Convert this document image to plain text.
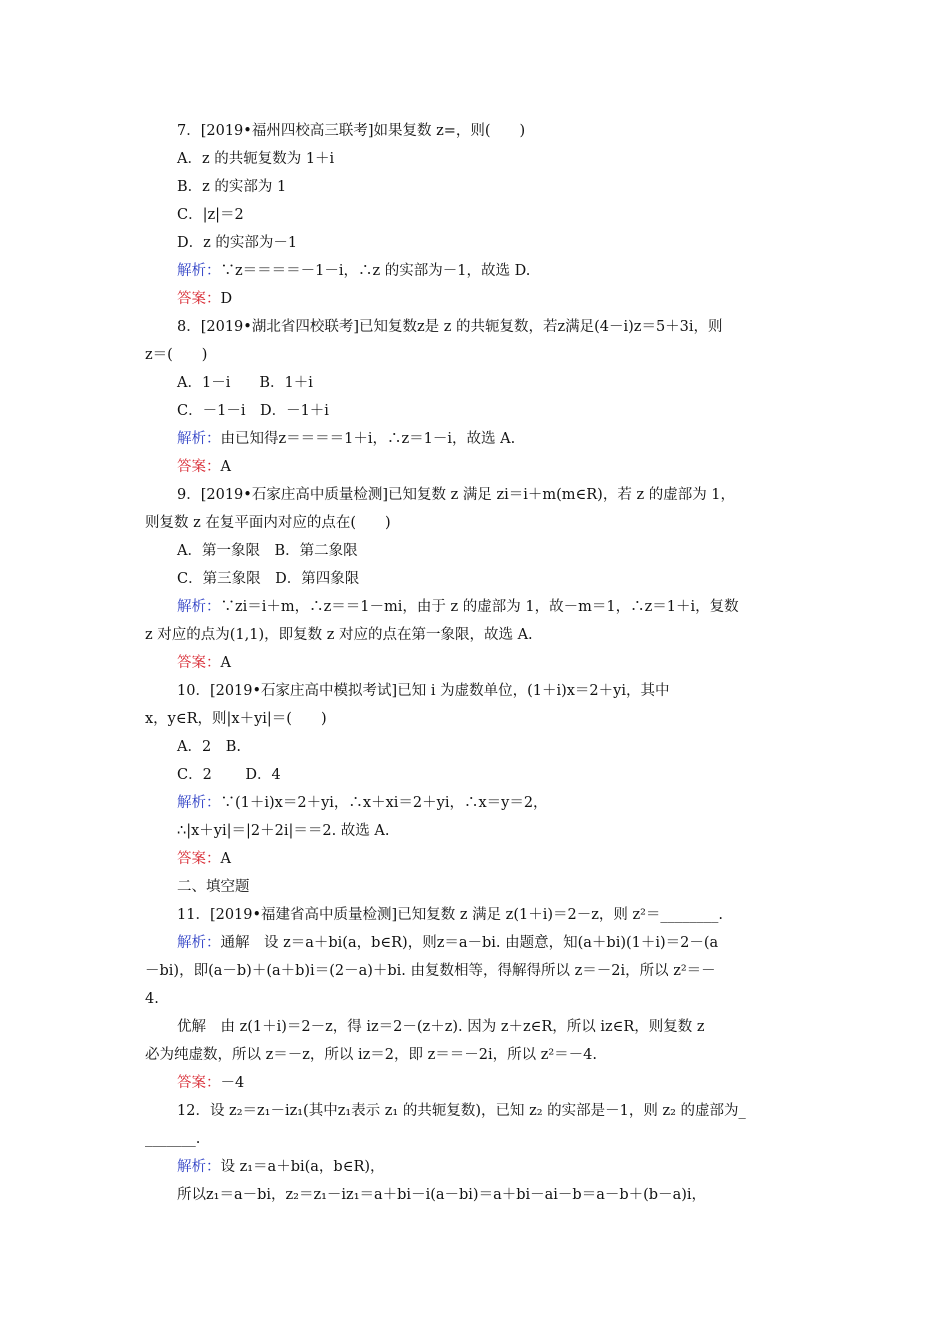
7．[2019•福州四校高三联考]如果复数 z=，则(　　)
A．z 的共轭复数为 1＋i
B．z 的实部为 1
C．|z|＝2
D．z 的实部为－1
解析：∵z＝＝＝＝－1－i，∴z 的实部为－1，故选 D.
答案：D
8．[2019•湖北省四校联考]已知复数z是 z 的共轭复数，若z满足(4－i)z＝5＋3i，则
z＝(　　)
A．1－i　　B．1＋i
C．－1－i　D．－1＋i
解析：由已知得z＝＝＝＝1＋i，∴z＝1－i，故选 A.
答案：A
9．[2019•石家庄高中质量检测]已知复数 z 满足 zi＝i＋m(m∈R)，若 z 的虚部为 1，
则复数 z 在复平面内对应的点在(　　)
A．第一象限　B．第二象限
C．第三象限　D．第四象限
解析：∵zi＝i＋m，∴z＝＝1－mi，由于 z 的虚部为 1，故－m＝1，∴z＝1＋i，复数
z 对应的点为(1,1)，即复数 z 对应的点在第一象限，故选 A.
答案：A
10．[2019•石家庄高中模拟考试]已知 i 为虚数单位，(1＋i)x＝2＋yi，其中
x，y∈R，则|x＋yi|＝(　　)
A．2　B.
C．2　　 D．4
解析：∵(1＋i)x＝2＋yi，∴x＋xi＝2＋yi，∴x＝y＝2，
∴|x＋yi|＝|2＋2i|＝＝2. 故选 A.
答案：A
二、填空题
11．[2019•福建省高中质量检测]已知复数 z 满足 z(1＋i)＝2－z，则 z²＝________.
解析：通解　设 z＝a＋bi(a，b∈R)，则z＝a－bi. 由题意，知(a＋bi)(1＋i)＝2－(a
－bi)，即(a－b)＋(a＋b)i＝(2－a)＋bi. 由复数相等，得解得所以 z＝－2i，所以 z²＝－
4.
优解　由 z(1＋i)＝2－z，得 iz＝2－(z＋z). 因为 z＋z∈R，所以 iz∈R，则复数 z
必为纯虚数，所以 z＝－z，所以 iz＝2，即 z＝＝－2i，所以 z²＝－4.
答案：－4
12．设 z₂＝z₁－iz₁(其中z₁表示 z₁ 的共轭复数)，已知 z₂ 的实部是－1，则 z₂ 的虚部为_
_______.
解析：设 z₁＝a＋bi(a，b∈R)，
所以z₁＝a－bi，z₂＝z₁－iz₁＝a＋bi－i(a－bi)＝a＋bi－ai－b＝a－b＋(b－a)i，
